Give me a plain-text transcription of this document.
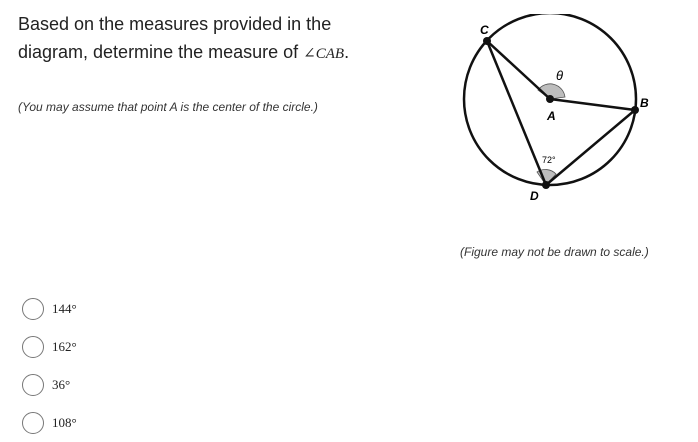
Based on the measures provided in the diagram, determine the measure of ∠CAB.
(You may assume that point A is the center of the circle.)
C
A
B
D
θ
72°
(Figure may not be drawn to scale.)
144°
162°
36°
108°
